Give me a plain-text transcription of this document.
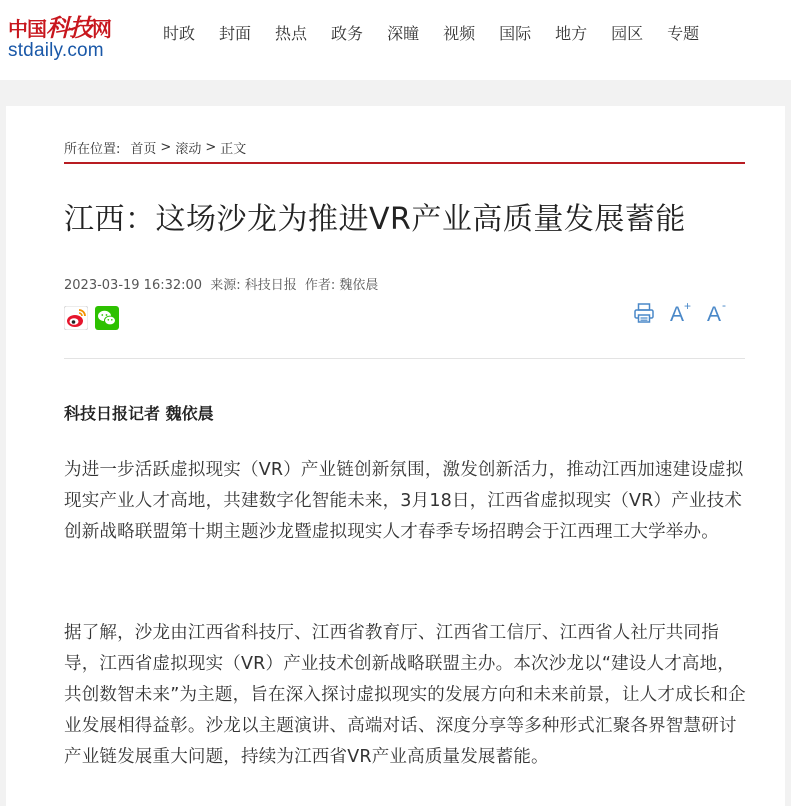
中国科技网
stdaily.com
时政 封面 热点 政务 深瞳 视频 国际 地方 园区 专题
所在位置: 首页 > 滚动 > 正文
江西：这场沙龙为推进VR产业高质量发展蓄能
2023-03-19 16:32:00 来源: 科技日报 作者: 魏依晨
A + A -
科技日报记者 魏依晨

为进一步活跃虚拟现实（VR）产业链创新氛围，激发创新活力，推动江西加速建设虚拟现实产业人才高地，共建数字化智能未来，3月18日，江西省虚拟现实（VR）产业技术创新战略联盟第十期主题沙龙暨虚拟现实人才春季专场招聘会于江西理工大学举办。

据了解，沙龙由江西省科技厅、江西省教育厅、江西省工信厅、江西省人社厅共同指导，江西省虚拟现实（VR）产业技术创新战略联盟主办。本次沙龙以“建设人才高地，共创数智未来”为主题，旨在深入探讨虚拟现实的发展方向和未来前景，让人才成长和企业发展相得益彰。沙龙以主题演讲、高端对话、深度分享等多种形式汇聚各界智慧研讨产业链发展重大问题，持续为江西省VR产业高质量发展蓄能。
